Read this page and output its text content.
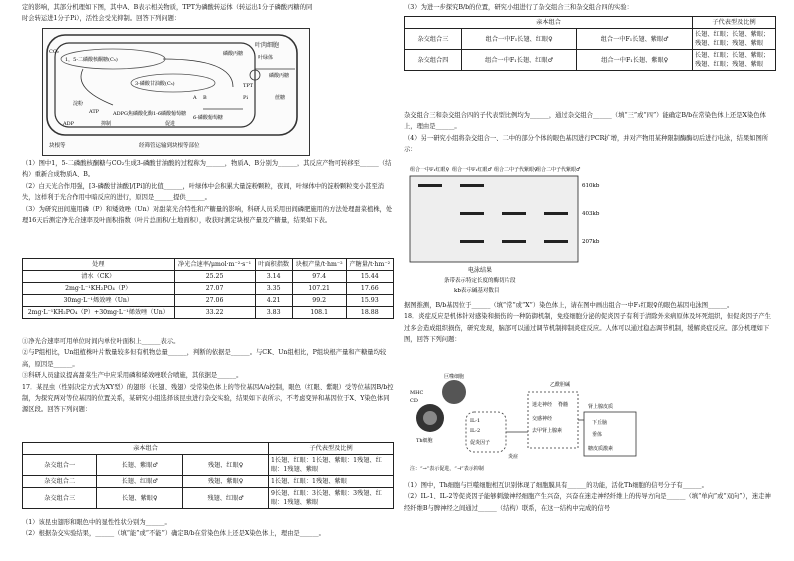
定的影响，其部分机理如下图，其中A、B表示相关物质，TPT为磷酸转运体（转运出1分子磷酸丙糖的同

时会转运进1分子Pi），活性会受光抑制。回答下列问题：

叶肉细胞
叶绿体
磷酸丙糖
TPT
1，5-二磷酸核酮糖(C₅)
3-磷酸甘油酸(C₃)
CO₂
A B
ADP
ATP	ADPG焦磷酸化酶
淀粉
1-6磷酸葡萄糖
6-磷酸葡萄糖
磷酸丙糖
蔗糖
Pi
抑制	促进
块根等	经筛管运输到块根等部位

（1）图中1，5-二磷酸核酮糖与CO₂生成3-磷酸甘油酸的过程称为______，物质A、B分别为______，其反应产物可转移至______（结构）重新合成物质A、B。

（2）白天光合作用强，[3-磷酸甘油酸]/[Pi]的比值______，叶绿体中会积累大量淀粉颗粒，夜间，叶绿体中的淀粉颗粒变小甚至消失，这样利于光合作用中暗反应的进行，原因是______提供______。

（3）为研究田间施用磷（P）和矮效唑（Un）对甜菜光合特性和产糖量的影响，科研人员采用田间磷肥施用的方法处理甜菜植株，处理16天后测定净光合速率及叶面积指数（叶片总面积/土地面积），收获时测定块根产量及产糖量，结果如下表。

处理	净光合速率/μmol·m⁻²·s⁻¹	叶面积指数	块根产量/t·hm⁻²	产糖量/t·hm⁻²
清水（CK）	25.25	3.14	97.4	15.44
2mg·L⁻¹KH₂PO₄（P）	27.07	3.35	107.21	17.66
30mg·L⁻¹烯效唑（Un）	27.06	4.21	99.2	15.93
2mg·L⁻¹KH₂PO₄（P）+30mg·L⁻¹烯效唑（Un）	33.22	3.83	108.1	18.88

①净光合速率可用单位时间内单位叶面积上______表示。

②与P组相比，Un组植株叶片数量较多但有机物总量______，判断的依据是______。与CK、Un组相比，P组块根产量和产糖量均较高，原因是______。

③科研人员建议提高甜菜生产中应采用磷和烯效唑联合喷施，其依据是______。

17．某昆虫（性别决定方式为XY型）的翅形（长翅、残翅）受常染色体上的等位基因A/a控制，眼色（红眼、紫眼）受等位基因B/b控制，为探究两对等位基因的位置关系，某研究小组选择该昆虫进行杂交实验，结果如下表所示，不考虑变异和基因位于X、Y染色体同源区段。回答下列问题：

亲本组合			子代表型及比例
杂交组合一	长翅、紫眼♂	残翅、红眼♀	1长翅、红眼：1长翅、紫眼：1残翅、红眼：1残翅、紫眼
杂交组合二	长翅、红眼♂	残翅、紫眼♀	1长翅、红眼：1残翅、紫眼
杂交组合三	长翅、紫眼♀	残翅、红眼♂	9长翅、红眼：3长翅、紫眼：3残翅、红眼：1残翅、紫眼

（1）该昆虫翅形和眼色中的显性性状分别为______。

（2）根据杂交实验结果，______（填“能”或“不能”）确定B/b在常染色体上还是X染色体上，理由是______。

（3）为进一步探究B/b的位置，研究小组进行了杂交组合三和杂交组合四的实验：

亲本组合			子代表型及比例
杂交组合三	组合一中F₁长翅、红眼♀	组合一中F₁长翅、紫眼♂	长翅、红眼；长翅、紫眼；残翅、红眼；残翅、紫眼
杂交组合四	组合一中F₁长翅、红眼♂	组合一中F₁长翅、紫眼♀	长翅、红眼；长翅、紫眼；残翅、红眼；残翅、紫眼

杂交组合三和杂交组合四的子代表型比例均为______，通过杂交组合______（填“三”或“四”）能确定B/b在常染色体上还是X染色体上，理由是______。

（4）另一研究小组将杂交组合一、二中的部分个体的眼色基因进行PCR扩增，并对产物用某种限制酶酶切后进行电泳，结果如图所示：

组合一中F₁红眼♀ 组合一中F₁红眼♂ 组合二中子代紫眼♀
组合二中子代紫眼♂
610kb
403kb
207kb
电泳结果
条带表示特定长度的酶切片段
kb表示碱基对数目

据图推测，B/b基因位于______（填“常”或“X”）染色体上，请在图中画出组合一中F₁红眼♀的眼色基因电泳图______。

18．炎症反应是机体针对感染和损伤的一种防御机制，免疫细胞分泌的促炎因子有利于清除外来病原体及坏死组织，但促炎因子产生过多会造成组织损伤，研究发现，脑部可以通过调节机制抑制炎症反应。人体可以通过稳态调节机制，缓解炎症反应。部分机理如下图，回答下列问题：

Th细胞
巨噬细胞
MHC
CD
乙酰胆碱
迷走神经 脊髓
IL-1
IL-2
促炎因子
交感神经
去甲肾上腺素
肾上腺皮质
下丘脑
垂体
糖皮质激素
炎症
注：“→”表示促进，“⊣”表示抑制

（1）图中，Th细胞与巨噬细胞相互识别体现了细胞膜具有______的功能，活化Th细胞的信号分子有______。

（2）IL-1、IL-2等促炎因子能够刺激神经细胞产生兴奋，兴奋在迷走神经纤维上的传导方向是______（填“单向”或“双向”），迷走神经纤维B与脾神经之间通过______（结构）联系，在这一结构中完成的信号
